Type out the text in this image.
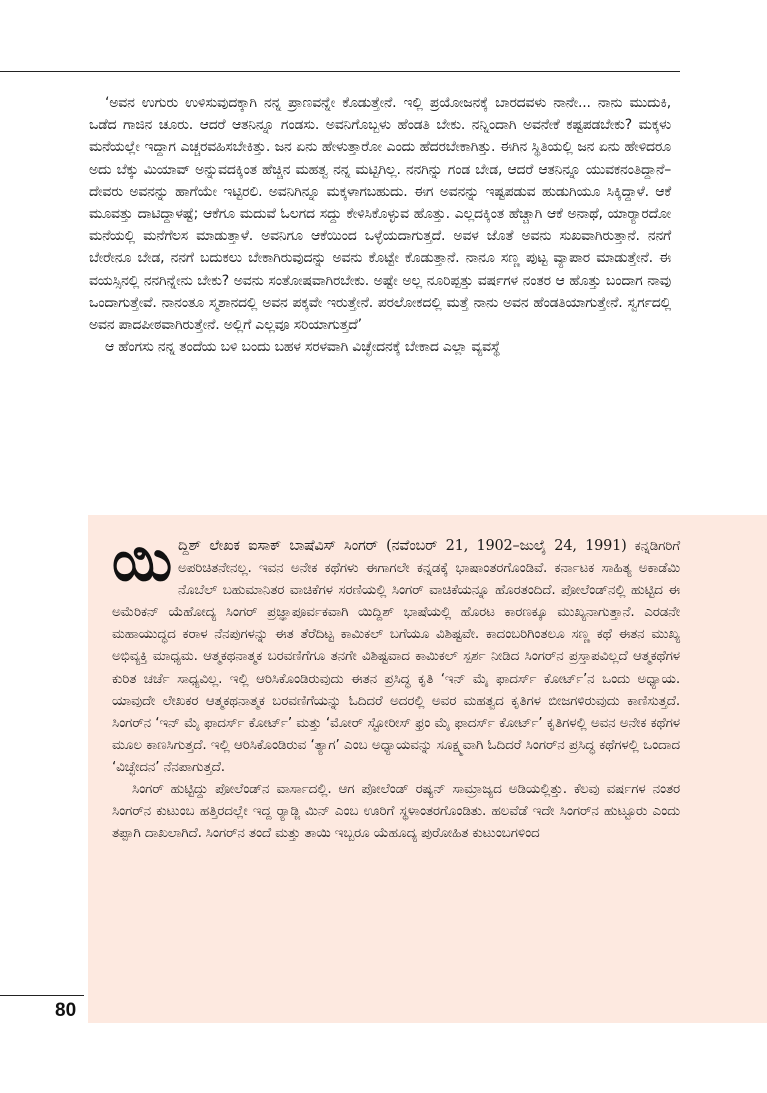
‘ಅವನ ಉಗುರು ಉಳಿಸುವುದಕ್ಕಾಗಿ ನನ್ನ ಪ್ರಾಣವನ್ನೇ ಕೊಡುತ್ತೇನೆ. ಇಲ್ಲಿ ಪ್ರಯೋಜನಕ್ಕೆ ಬಾರದವಳು ನಾನೇ... ನಾನು ಮುದುಕಿ, ಒಡೆದ ಗಾಜಿನ ಚೂರು. ಆದರೆ ಆತನಿನ್ನೂ ಗಂಡಸು. ಅವನಿಗೊಬ್ಬಳು ಹೆಂಡತಿ ಬೇಕು. ನನ್ನಿಂದಾಗಿ ಅವನೇಕೆ ಕಷ್ಟಪಡಬೇಕು? ಮಕ್ಕಳು ಮನೆಯಲ್ಲೇ ಇದ್ದಾಗ ಎಚ್ಚರವಹಿಸಬೇಕಿತ್ತು. ಜನ ಏನು ಹೇಳುತ್ತಾರೋ ಎಂದು ಹೆದರಬೇಕಾಗಿತ್ತು. ಈಗಿನ ಸ್ಥಿತಿಯಲ್ಲಿ ಜನ ಏನು ಹೇಳಿದರೂ ಅದು ಬೆಕ್ಕು ಮಿಯಾವ್ ಅನ್ನುವದಕ್ಕಿಂತ ಹೆಚ್ಚಿನ ಮಹತ್ವ ನನ್ನ ಮಟ್ಟಿಗಿಲ್ಲ. ನನಗಿನ್ನು ಗಂಡ ಬೇಡ, ಆದರೆ ಆತನಿನ್ನೂ ಯುವಕನಂತಿದ್ದಾನೆ– ದೇವರು ಅವನನ್ನು ಹಾಗೆಯೇ ಇಟ್ಟಿರಲಿ. ಅವನಿಗಿನ್ನೂ ಮಕ್ಕಳಾಗಬಹುದು. ಈಗ ಅವನನ್ನು ಇಷ್ಟಪಡುವ ಹುಡುಗಿಯೂ ಸಿಕ್ಕಿದ್ದಾಳೆ. ಆಕೆ ಮೂವತ್ತು ದಾಟಿದ್ದಾಳಷ್ಟೆ; ಆಕೆಗೂ ಮದುವೆ ಓಲಗದ ಸದ್ದು ಕೇಳಿಸಿಕೊಳ್ಳುವ ಹೊತ್ತು. ಎಲ್ಲದಕ್ಕಿಂತ ಹೆಚ್ಚಾಗಿ ಆಕೆ ಅನಾಥೆ, ಯಾರ್‍ಯಾರದೋ ಮನೆಯಲ್ಲಿ ಮನೆಗೆಲಸ ಮಾಡುತ್ತಾಳೆ. ಅವನಿಗೂ ಆಕೆಯಿಂದ ಒಳ್ಳೆಯದಾಗುತ್ತದೆ. ಅವಳ ಜೊತೆ ಅವನು ಸುಖವಾಗಿರುತ್ತಾನೆ. ನನಗೆ ಬೇರೇನೂ ಬೇಡ, ನನಗೆ ಬದುಕಲು ಬೇಕಾಗಿರುವುದನ್ನು ಅವನು ಕೊಟ್ಟೇ ಕೊಡುತ್ತಾನೆ. ನಾನೂ ಸಣ್ಣ ಪುಟ್ಟ ವ್ಯಾಪಾರ ಮಾಡುತ್ತೇನೆ. ಈ ವಯಸ್ಸಿನಲ್ಲಿ ನನಗಿನ್ನೇನು ಬೇಕು? ಅವನು ಸಂತೋಷವಾಗಿರಬೇಕು. ಅಷ್ಟೇ ಅಲ್ಲ ನೂರಿಪ್ಪತ್ತು ವರ್ಷಗಳ ನಂತರ ಆ ಹೊತ್ತು ಬಂದಾಗ ನಾವು ಒಂದಾಗುತ್ತೇವೆ. ನಾನಂತೂ ಸ್ಮಶಾನದಲ್ಲಿ ಅವನ ಪಕ್ಕವೇ ಇರುತ್ತೇನೆ. ಪರಲೋಕದಲ್ಲಿ ಮತ್ತೆ ನಾನು ಅವನ ಹೆಂಡತಿಯಾಗುತ್ತೇನೆ. ಸ್ವರ್ಗದಲ್ಲಿ ಅವನ ಪಾದಪೀಠವಾಗಿರುತ್ತೇನೆ. ಅಲ್ಲಿಗೆ ಎಲ್ಲವೂ ಸರಿಯಾಗುತ್ತದೆ’

ಆ ಹೆಂಗಸು ನನ್ನ ತಂದೆಯ ಬಳಿ ಬಂದು ಬಹಳ ಸರಳವಾಗಿ ವಿಚ್ಛೇದನಕ್ಕೆ ಬೇಕಾದ ಎಲ್ಲಾ ವ್ಯವಸ್ಥೆ

ಯಿದ್ದಿಶ್ ಲೇಖಕ ಐಸಾಕ್ ಬಾಷೆವಿಸ್ ಸಿಂಗರ್ (ನವೆಂಬರ್ 21, 1902–ಜುಲೈ 24, 1991) ಕನ್ನಡಿಗರಿಗೆ ಅಪರಿಚಿತನೇನಲ್ಲ. ಇವನ ಅನೇಕ ಕಥೆಗಳು ಈಗಾಗಲೇ ಕನ್ನಡಕ್ಕೆ ಭಾಷಾಂತರಗೊಂಡಿವೆ. ಕರ್ನಾಟಕ ಸಾಹಿತ್ಯ ಅಕಾಡೆಮಿ ನೊಬೆಲ್ ಬಹುಮಾನಿತರ ವಾಚಿಕೆಗಳ ಸರಣಿಯಲ್ಲಿ ಸಿಂಗರ್ ವಾಚಿಕೆಯನ್ನೂ ಹೊರತಂದಿದೆ. ಪೋಲೆಂಡ್‌ನಲ್ಲಿ ಹುಟ್ಟಿದ ಈ ಅಮೆರಿಕನ್ ಯೆಹೋದ್ಯ ಸಿಂಗರ್ ಪ್ರಜ್ಞಾಪೂರ್ವಕವಾಗಿ ಯಿದ್ದಿಶ್ ಭಾಷೆಯಲ್ಲಿ ಹೊರಟ ಕಾರಣಕ್ಕೂ ಮುಖ್ಯನಾಗುತ್ತಾನೆ. ಎರಡನೇ ಮಹಾಯುದ್ಧದ ಕರಾಳ ನೆನಪುಗಳನ್ನು ಈತ ತೆರೆದಿಟ್ಟ ಕಾಮಿಕಲ್ ಬಗೆಯೂ ವಿಶಿಷ್ಟವೇ. ಕಾದಂಬರಿಗಿಂತಲೂ ಸಣ್ಣ ಕಥೆ ಈತನ ಮುಖ್ಯ ಅಭಿವ್ಯಕ್ತಿ ಮಾಧ್ಯಮ. ಆತ್ಮಕಥನಾತ್ಮಕ ಬರವಣಿಗೆಗೂ ತನಗೇ ವಿಶಿಷ್ಟವಾದ ಕಾಮಿಕಲ್ ಸ್ಪರ್ಶ ನೀಡಿದ ಸಿಂಗರ್‌ನ ಪ್ರಸ್ತಾಪವಿಲ್ಲದೆ ಆತ್ಮಕಥೆಗಳ ಕುರಿತ ಚರ್ಚೆ ಸಾಧ್ಯವಿಲ್ಲ. ಇಲ್ಲಿ ಆರಿಸಿಕೊಂಡಿರುವುದು ಈತನ ಪ್ರಸಿದ್ಧ ಕೃತಿ ‘ಇನ್ ಮೈ ಫಾದರ್ಸ್ ಕೋರ್ಟ್’ನ ಒಂದು ಅಧ್ಯಾಯ. ಯಾವುದೇ ಲೇಖಕರ ಆತ್ಮಕಥನಾತ್ಮಕ ಬರವಣಿಗೆಯನ್ನು ಓದಿದರೆ ಅದರಲ್ಲಿ ಅವರ ಮಹತ್ವದ ಕೃತಿಗಳ ಬೀಜಗಳಿರುವುದು ಕಾಣಿಸುತ್ತದೆ. ಸಿಂಗರ್‌ನ ‘ಇನ್ ಮೈ ಫಾದರ್ಸ್ ಕೋರ್ಟ್’ ಮತ್ತು ‘ಮೋರ್ ಸ್ಟೋರೀಸ್ ಫ್ರಂ ಮೈ ಫಾದರ್ಸ್ ಕೋರ್ಟ್’ ಕೃತಿಗಳಲ್ಲಿ ಅವನ ಅನೇಕ ಕಥೆಗಳ ಮೂಲ ಕಾಣಸಿಗುತ್ತದೆ. ಇಲ್ಲಿ ಆರಿಸಿಕೊಂಡಿರುವ ‘ತ್ಯಾಗ’ ಎಂಬ ಅಧ್ಯಾಯವನ್ನು ಸೂಕ್ಷ್ಮವಾಗಿ ಓದಿದರೆ ಸಿಂಗರ್‌ನ ಪ್ರಸಿದ್ಧ ಕಥೆಗಳಲ್ಲಿ ಒಂದಾದ ‘ವಿಚ್ಛೇದನ’ ನೆನಪಾಗುತ್ತದೆ.

ಸಿಂಗರ್ ಹುಟ್ಟಿದ್ದು ಪೋಲೆಂಡ್‌ನ ವಾರ್ಸಾದಲ್ಲಿ. ಆಗ ಪೋಲೆಂಡ್ ರಷ್ಯನ್ ಸಾಮ್ರಾಜ್ಯದ ಅಡಿಯಲ್ಲಿತ್ತು. ಕೆಲವು ವರ್ಷಗಳ ನಂತರ ಸಿಂಗರ್‌ನ ಕುಟುಂಬ ಹತ್ತಿರದಲ್ಲೇ ಇದ್ದ ರ್‍ಯಾಡ್ಜಿ ಮಿನ್ ಎಂಬ ಊರಿಗೆ ಸ್ಥಳಾಂತರಗೊಂಡಿತು. ಹಲವೆಡೆ ಇದೇ ಸಿಂಗರ್‌ನ ಹುಟ್ಟೂರು ಎಂದು ತಪ್ಪಾಗಿ ದಾಖಲಾಗಿದೆ. ಸಿಂಗರ್‌ನ ತಂದೆ ಮತ್ತು ತಾಯಿ ಇಬ್ಬರೂ ಯೆಹೂದ್ಯ ಪುರೋಹಿತ ಕುಟುಂಬಗಳಿಂದ

80
